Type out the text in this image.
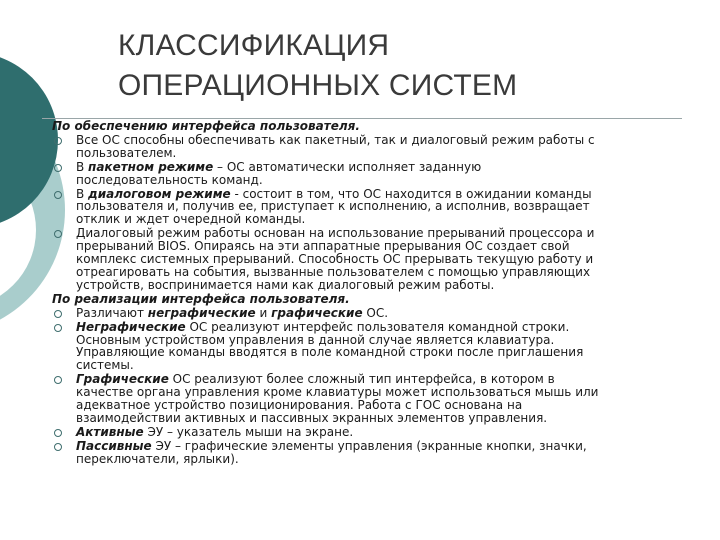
КЛАССИФИКАЦИЯ
ОПЕРАЦИОННЫХ СИСТЕМ

По обеспечению интерфейса пользователя.

Все ОС способны обеспечивать как пакетный, так и диалоговый режим работы с
пользователем.
В пакетном режиме – ОС автоматически исполняет заданную
последовательность команд.
В диалоговом режиме - состоит в том, что ОС находится в ожидании команды
пользователя и, получив ее, приступает к исполнению, а исполнив, возвращает
отклик и ждет очередной команды.
Диалоговый режим работы основан на использование прерываний процессора и
прерываний BIOS. Опираясь на эти аппаратные прерывания ОС создает свой
комплекс системных прерываний. Способность ОС прерывать текущую работу и
отреагировать на события, вызванные пользователем с помощью управляющих
устройств, воспринимается нами как диалоговый режим работы.

По реализации интерфейса пользователя.

Различают неграфические и графические ОС.
Неграфические ОС реализуют интерфейс пользователя командной строки.
Основным устройством управления в данной случае является клавиатура.
Управляющие команды вводятся в поле командной строки после приглашения
системы.
Графические ОС реализуют более сложный тип интерфейса, в котором в
качестве органа управления кроме клавиатуры может использоваться мышь или
адекватное устройство позиционирования. Работа с ГОС основана на
взаимодействии активных и пассивных экранных элементов управления.
Активные ЭУ – указатель мыши на экране.
Пассивные ЭУ – графические элементы управления (экранные кнопки, значки,
переключатели, ярлыки).
